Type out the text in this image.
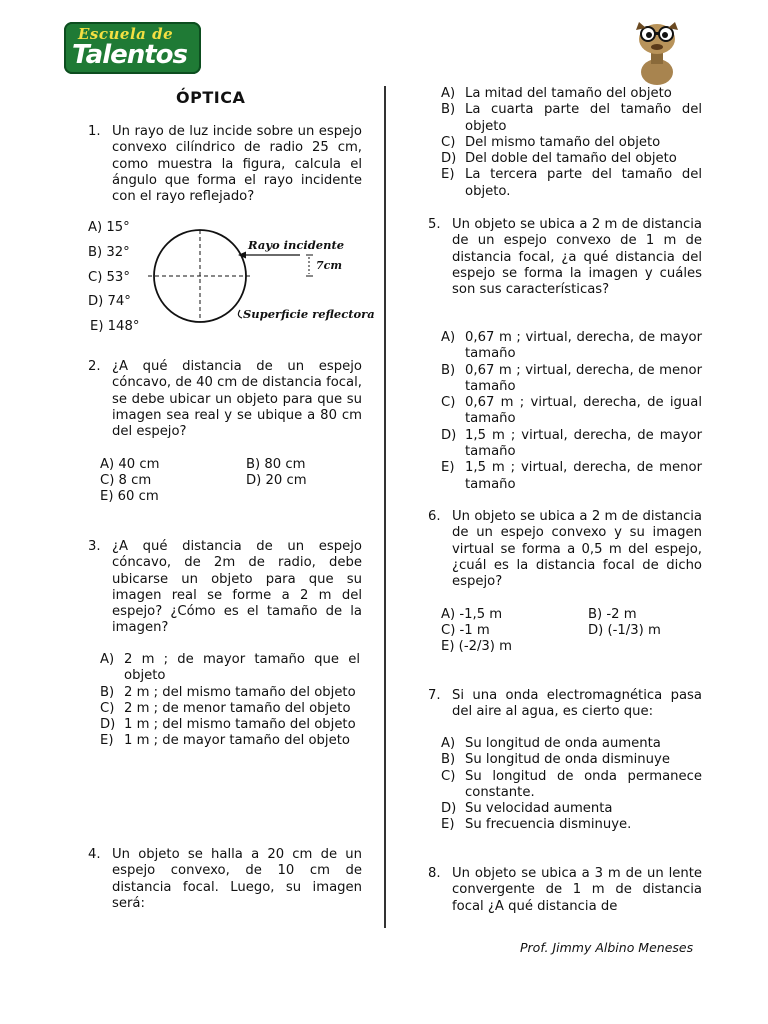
Escuela de
Talentos
ÓPTICA
1. Un rayo de luz incide sobre un espejo convexo cilíndrico de radio 25 cm, como muestra la figura, calcula el ángulo que forma el rayo incidente con el rayo reflejado?
A) 15°
B) 32°
C) 53°
D) 74°
E) 148°
Rayo incidente
7cm
Superficie reflectora
2. ¿A qué distancia de un espejo cóncavo, de 40 cm de distancia focal, se debe ubicar un objeto para que su imagen sea real y se ubique a 80 cm del espejo?
A) 40 cm	B) 80 cm
C) 8 cm	D) 20 cm
E) 60 cm
3. ¿A qué distancia de un espejo cóncavo, de 2m de radio, debe ubicarse un objeto para que su imagen real se forme a 2 m del espejo? ¿Cómo es el tamaño de la imagen?
A) 2 m ; de mayor tamaño que el objeto
B) 2 m ; del mismo tamaño del objeto
C) 2 m ; de menor tamaño del objeto
D) 1 m ; del mismo tamaño del objeto
E) 1 m ; de mayor tamaño del objeto
4. Un objeto se halla a 20 cm de un espejo convexo, de 10 cm de distancia focal. Luego, su imagen será:
A) La mitad del tamaño del objeto
B) La cuarta parte del tamaño del objeto
C) Del mismo tamaño del objeto
D) Del doble del tamaño del objeto
E) La tercera parte del tamaño del objeto.
5. Un objeto se ubica a 2 m de distancia de un espejo convexo de 1 m de distancia focal, ¿a qué distancia del espejo se forma la imagen y cuáles son sus características?
A) 0,67 m ; virtual, derecha, de mayor tamaño
B) 0,67 m ; virtual, derecha, de menor tamaño
C) 0,67 m ; virtual, derecha, de igual tamaño
D) 1,5 m ; virtual, derecha, de mayor tamaño
E) 1,5 m ; virtual, derecha, de menor tamaño
6. Un objeto se ubica a 2 m de distancia de un espejo convexo y su imagen virtual se forma a 0,5 m del espejo, ¿cuál es la distancia focal de dicho espejo?
A) -1,5 m	B) -2 m
C) -1 m	D) (-1/3) m
E) (-2/3) m
7. Si una onda electromagnética pasa del aire al agua, es cierto que:
A) Su longitud de onda aumenta
B) Su longitud de onda disminuye
C) Su longitud de onda permanece constante.
D) Su velocidad aumenta
E) Su frecuencia disminuye.
8. Un objeto se ubica a 3 m de un lente convergente de 1 m de distancia focal ¿A qué distancia de
Prof. Jimmy Albino Meneses
